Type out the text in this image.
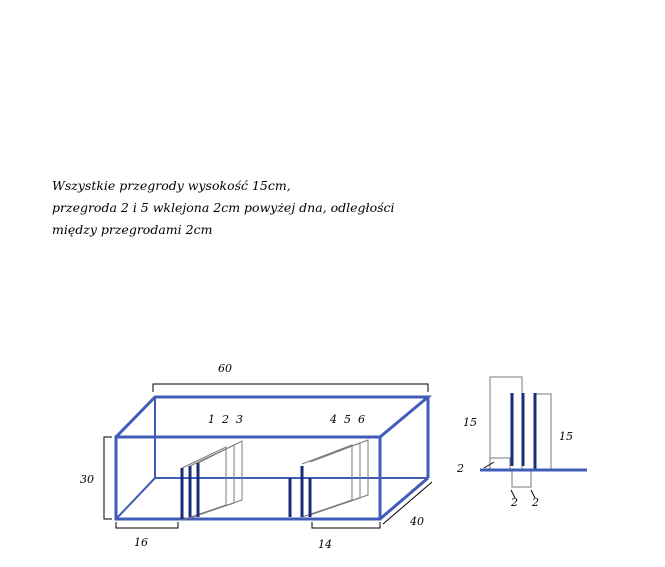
Wszystkie przegrody wysokość 15cm,
przegroda 2 i 5 wklejona 2cm powyżej dna, odległości
między przegrodami 2cm
60
30
16	14
40
1  2  3	4  5  6	15
15
2
2 2
